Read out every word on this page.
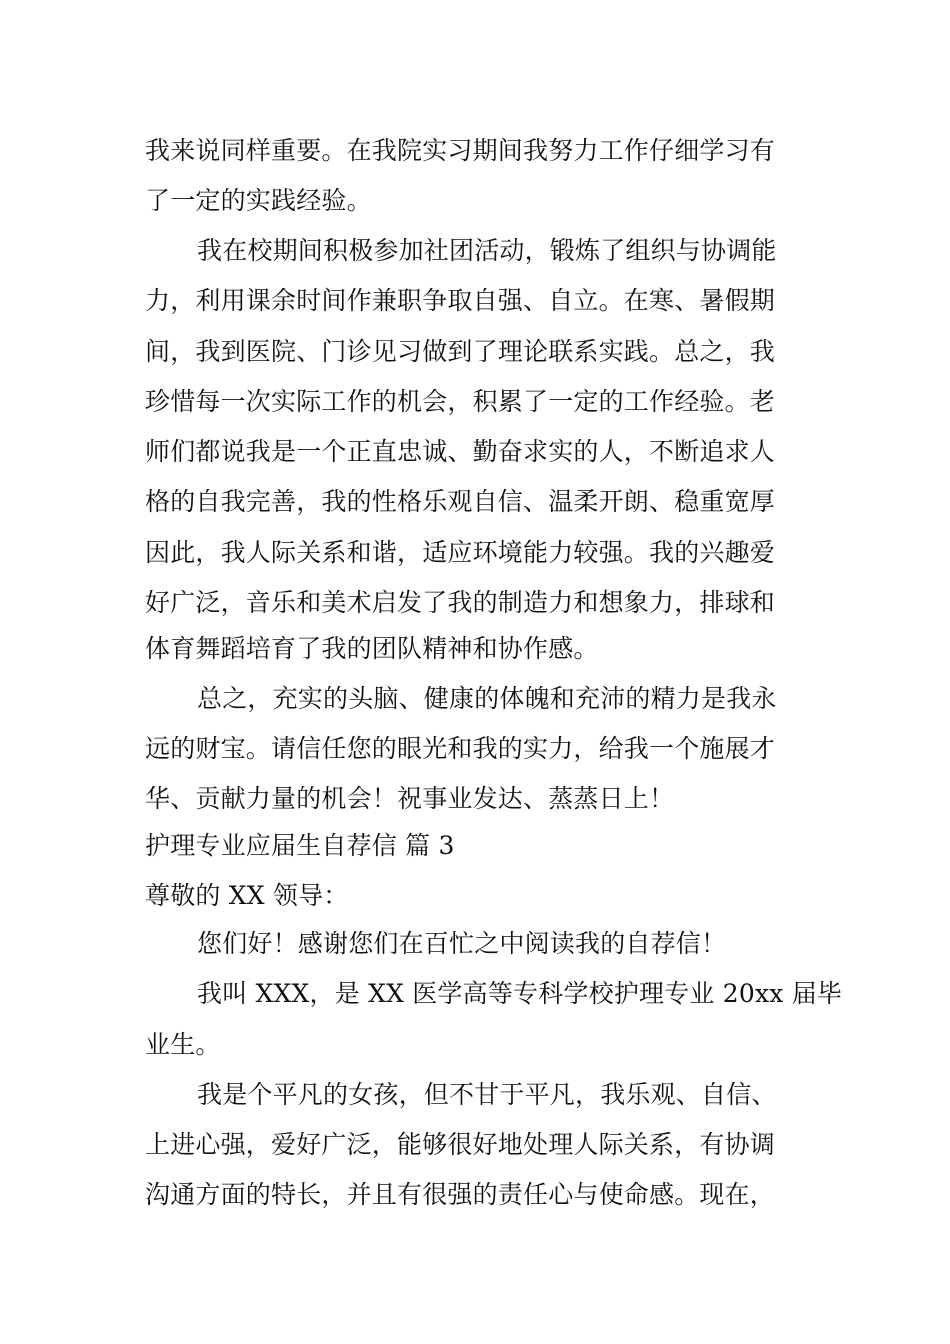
我来说同样重要。在我院实习期间我努力工作仔细学习有
了一定的实践经验。
我在校期间积极参加社团活动，锻炼了组织与协调能
力，利用课余时间作兼职争取自强、自立。在寒、暑假期
间，我到医院、门诊见习做到了理论联系实践。总之，我
珍惜每一次实际工作的机会，积累了一定的工作经验。老
师们都说我是一个正直忠诚、勤奋求实的人，不断追求人
格的自我完善，我的性格乐观自信、温柔开朗、稳重宽厚
因此，我人际关系和谐，适应环境能力较强。我的兴趣爱
好广泛，音乐和美术启发了我的制造力和想象力，排球和
体育舞蹈培育了我的团队精神和协作感。
总之，充实的头脑、健康的体魄和充沛的精力是我永
远的财宝。请信任您的眼光和我的实力，给我一个施展才
华、贡献力量的机会！祝事业发达、蒸蒸日上！
护理专业应届生自荐信 篇 3
尊敬的 XX 领导：
您们好！感谢您们在百忙之中阅读我的自荐信！
我叫 XXX，是 XX 医学高等专科学校护理专业 20xx 届毕
业生。
我是个平凡的女孩，但不甘于平凡，我乐观、自信、
上进心强，爱好广泛，能够很好地处理人际关系，有协调
沟通方面的特长，并且有很强的责任心与使命感。现在，
